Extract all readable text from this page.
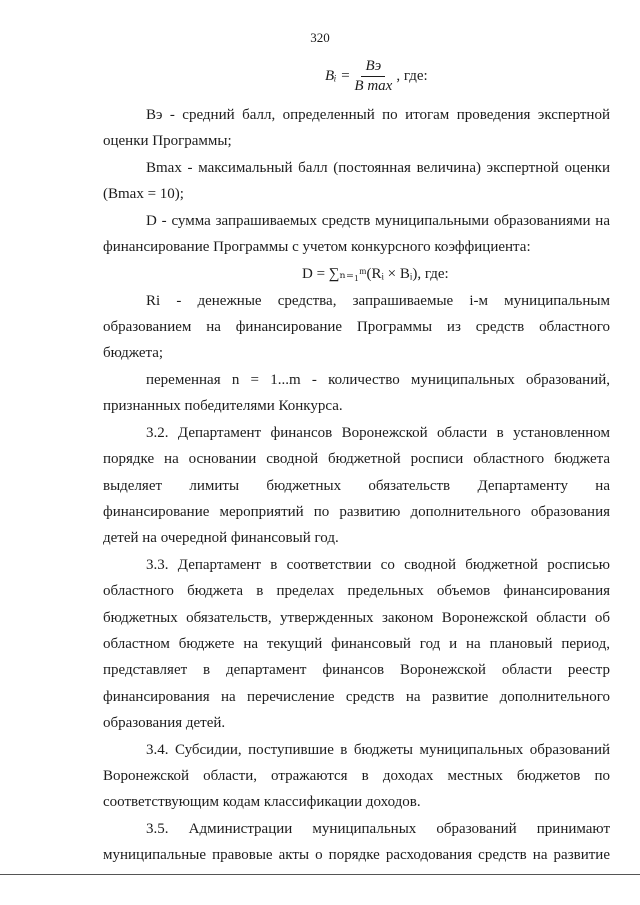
320
Bᵢ = $\frac{Bэ}{\text{B max}}$ , где:
Bэ - средний балл, определенный по итогам проведения экспертной
оценки Программы;
Bmax - максимальный балл (постоянная величина) экспертной оценки
(Bmax = 10);
D - сумма запрашиваемых средств муниципальными образованиями на
финансирование Программы с учетом конкурсного коэффициента:
D = ∑ₙ₌₁ᵐ(Rᵢ × Bᵢ), где:
Ri - денежные средства, запрашиваемые i-м муниципальным
образованием на финансирование Программы из средств областного
бюджета;
переменная n = 1...m - количество муниципальных образований,
признанных победителями Конкурса.
3.2. Департамент финансов Воронежской области в установленном
порядке на основании сводной бюджетной росписи областного бюджета
выделяет лимиты бюджетных обязательств Департаменту на
финансирование мероприятий по развитию дополнительного образования
детей на очередной финансовый год.
3.3. Департамент в соответствии со сводной бюджетной росписью
областного бюджета в пределах предельных объемов финансирования
бюджетных обязательств, утвержденных законом Воронежской области об
областном бюджете на текущий финансовый год и на плановый период,
представляет в департамент финансов Воронежской области реестр
финансирования на перечисление средств на развитие дополнительного
образования детей.
3.4. Субсидии, поступившие в бюджеты муниципальных образований
Воронежской области, отражаются в доходах местных бюджетов по
соответствующим кодам классификации доходов.
3.5. Администрации муниципальных образований принимают
муниципальные правовые акты о порядке расходования средств на развитие
